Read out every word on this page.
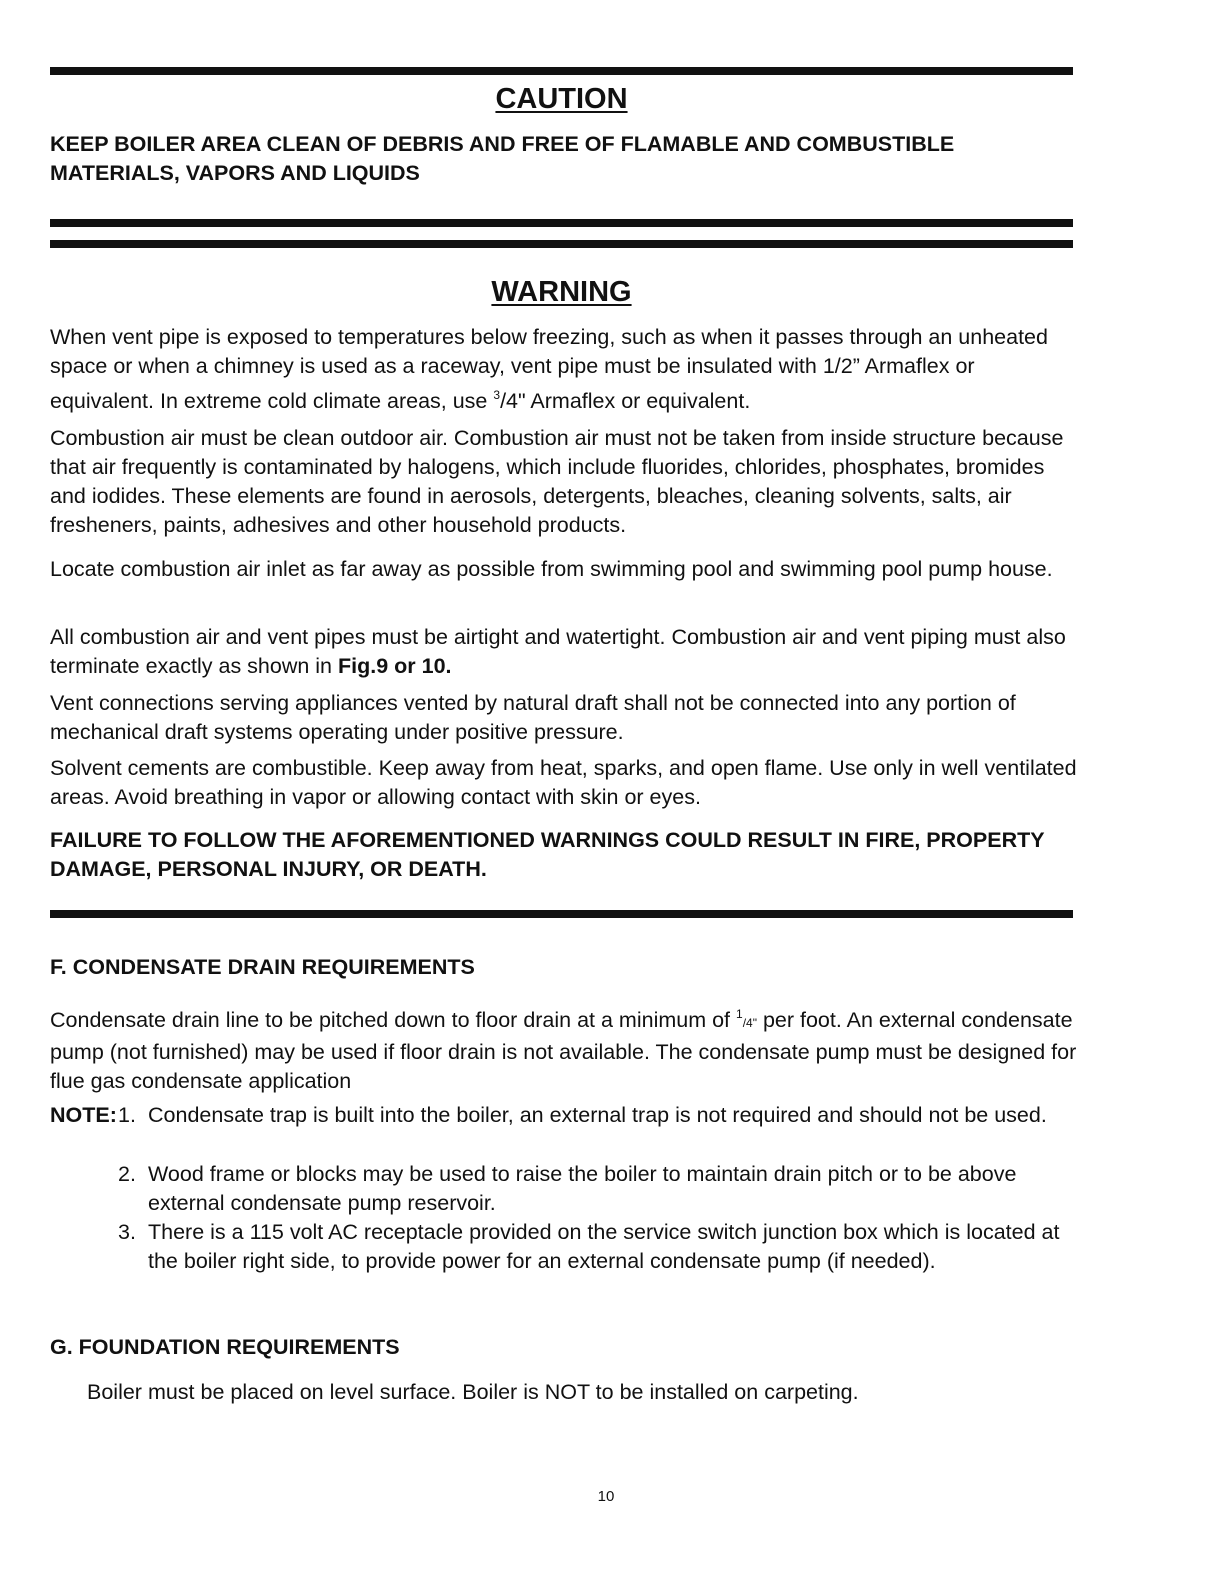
CAUTION
KEEP BOILER AREA CLEAN OF DEBRIS AND FREE OF FLAMABLE AND COMBUSTIBLE MATERIALS, VAPORS AND LIQUIDS
WARNING
When vent pipe is exposed to temperatures below freezing, such as when it passes through an unheated space or when a chimney is used as a raceway, vent pipe must be insulated with 1/2” Armaflex or equivalent. In extreme cold climate areas, use $^3$/4" Armaflex or equivalent.
Combustion air must be clean outdoor air. Combustion air must not be taken from inside structure because that air frequently is contaminated by halogens, which include fluorides, chlorides, phosphates, bromides and iodides. These elements are found in aerosols, detergents, bleaches, cleaning solvents, salts, air fresheners, paints, adhesives and other household products.
Locate combustion air inlet as far away as possible from swimming pool and swimming pool pump house.
All combustion air and vent pipes must be airtight and watertight. Combustion air and vent piping must also terminate exactly as shown in Fig.9 or 10.
Vent connections serving appliances vented by natural draft shall not be connected into any portion of mechanical draft systems operating under positive pressure.
Solvent cements are combustible. Keep away from heat, sparks, and open flame. Use only in well ventilated areas. Avoid breathing in vapor or allowing contact with skin or eyes.
FAILURE TO FOLLOW THE AFOREMENTIONED WARNINGS COULD RESULT IN FIRE, PROPERTY DAMAGE, PERSONAL INJURY, OR DEATH.
F. CONDENSATE DRAIN REQUIREMENTS
Condensate drain line to be pitched down to floor drain at a minimum of $^1$/4" per foot. An external condensate pump (not furnished) may be used if floor drain is not available. The condensate pump must be designed for flue gas condensate application
NOTE: 1. Condensate trap is built into the boiler, an external trap is not required and should not be used.
2. Wood frame or blocks may be used to raise the boiler to maintain drain pitch or to be above external condensate pump reservoir.
3. There is a 115 volt AC receptacle provided on the service switch junction box which is located at the boiler right side, to provide power for an external condensate pump (if needed).
G. FOUNDATION REQUIREMENTS
Boiler must be placed on level surface. Boiler is NOT to be installed on carpeting.
10
